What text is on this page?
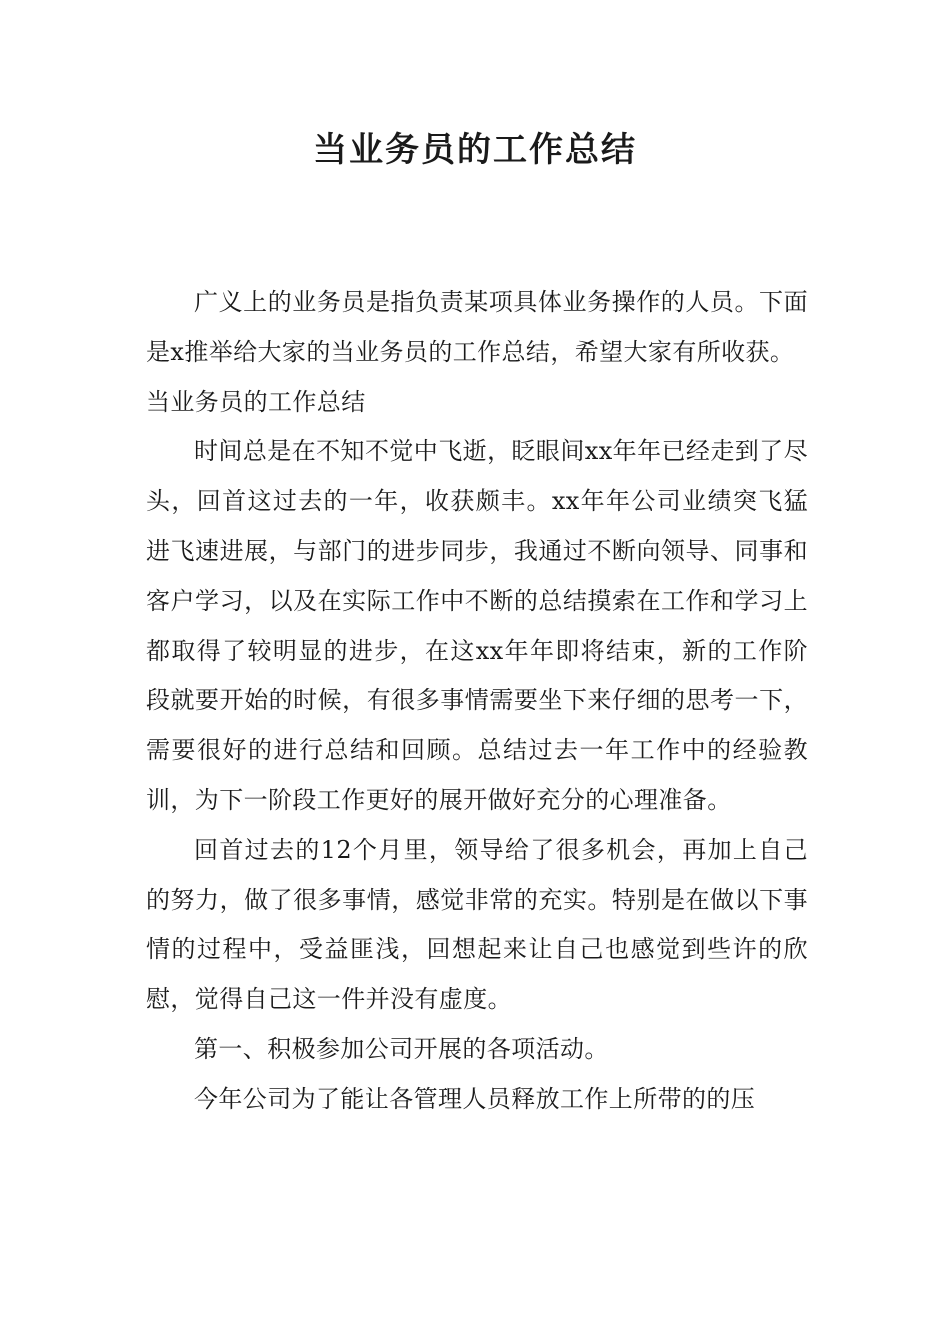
当业务员的工作总结

广义上的业务员是指负责某项具体业务操作的人员。下面是x推举给大家的当业务员的工作总结，希望大家有所收获。

当业务员的工作总结

时间总是在不知不觉中飞逝，眨眼间xx年年已经走到了尽头，回首这过去的一年，收获颇丰。xx年年公司业绩突飞猛进飞速进展，与部门的进步同步，我通过不断向领导、同事和客户学习，以及在实际工作中不断的总结摸索在工作和学习上都取得了较明显的进步，在这xx年年即将结束，新的工作阶段就要开始的时候，有很多事情需要坐下来仔细的思考一下，需要很好的进行总结和回顾。总结过去一年工作中的经验教训，为下一阶段工作更好的展开做好充分的心理准备。

回首过去的12个月里，领导给了很多机会，再加上自己的努力，做了很多事情，感觉非常的充实。特别是在做以下事情的过程中，受益匪浅，回想起来让自己也感觉到些许的欣慰，觉得自己这一件并没有虚度。

第一、积极参加公司开展的各项活动。

今年公司为了能让各管理人员释放工作上所带的的压
